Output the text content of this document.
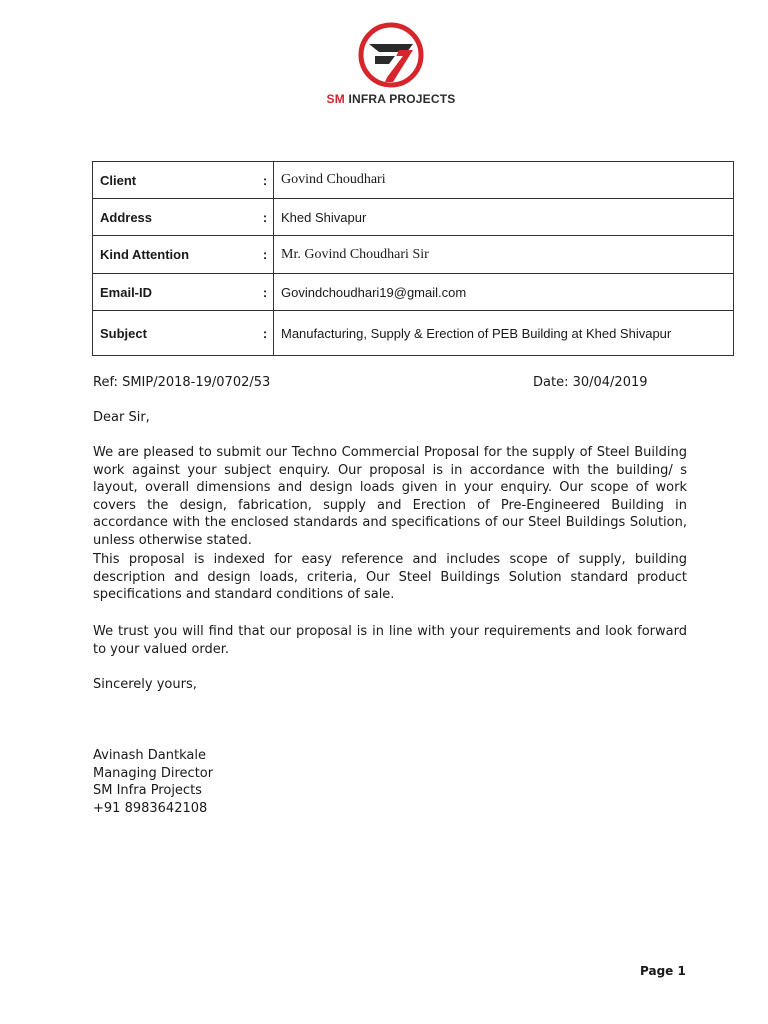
SM INFRA PROJECTS
Client	:	Govind Choudhari
Address	:	Khed Shivapur
Kind Attention	:	Mr. Govind Choudhari Sir
Email-ID	:	Govindchoudhari19@gmail.com
Subject	:	Manufacturing, Supply & Erection of PEB Building at Khed Shivapur
Ref: SMIP/2018-19/0702/53	Date: 30/04/2019
Dear Sir,
We are pleased to submit our Techno Commercial Proposal for the supply of Steel Building work against your subject enquiry. Our proposal is in accordance with the building/ s layout, overall dimensions and design loads given in your enquiry. Our scope of work covers the design, fabrication, supply and Erection of Pre-Engineered Building in accordance with the enclosed standards and specifications of our Steel Buildings Solution, unless otherwise stated.
This proposal is indexed for easy reference and includes scope of supply, building description and design loads, criteria, Our Steel Buildings Solution standard product specifications and standard conditions of sale.
We trust you will find that our proposal is in line with your requirements and look forward to your valued order.
Sincerely yours,
Avinash Dantkale
Managing Director
SM Infra Projects
+91 8983642108
Page 1
